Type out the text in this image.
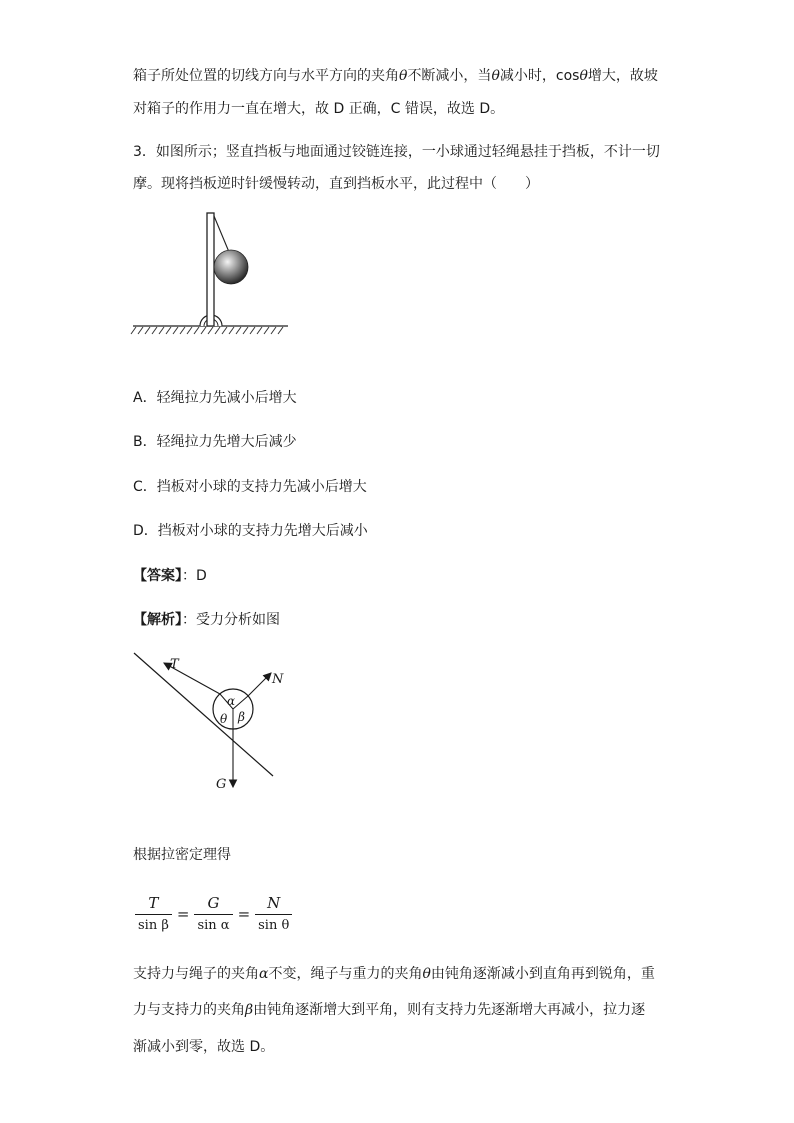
箱子所处位置的切线方向与水平方向的夹角θ不断减小，当θ减小时，cosθ增大，故坡
对箱子的作用力一直在增大，故 D 正确，C 错误，故选 D。
3．如图所示；竖直挡板与地面通过铰链连接，一小球通过轻绳悬挂于挡板，不计一切
摩。现将挡板逆时针缓慢转动，直到挡板水平，此过程中（　　）
A．轻绳拉力先减小后增大
B．轻绳拉力先增大后减少
C．挡板对小球的支持力先减小后增大
D．挡板对小球的支持力先增大后减小
【答案】：D
【解析】：受力分析如图
T
N
G
α
θ β
根据拉密定理得
$\frac{T}{\text{sin β}} = \frac{G}{\text{sin α}} = \frac{N}{\text{sin θ}}$
支持力与绳子的夹角α不变，绳子与重力的夹角θ由钝角逐渐减小到直角再到锐角，重
力与支持力的夹角β由钝角逐渐增大到平角，则有支持力先逐渐增大再减小，拉力逐
渐减小到零，故选 D。
